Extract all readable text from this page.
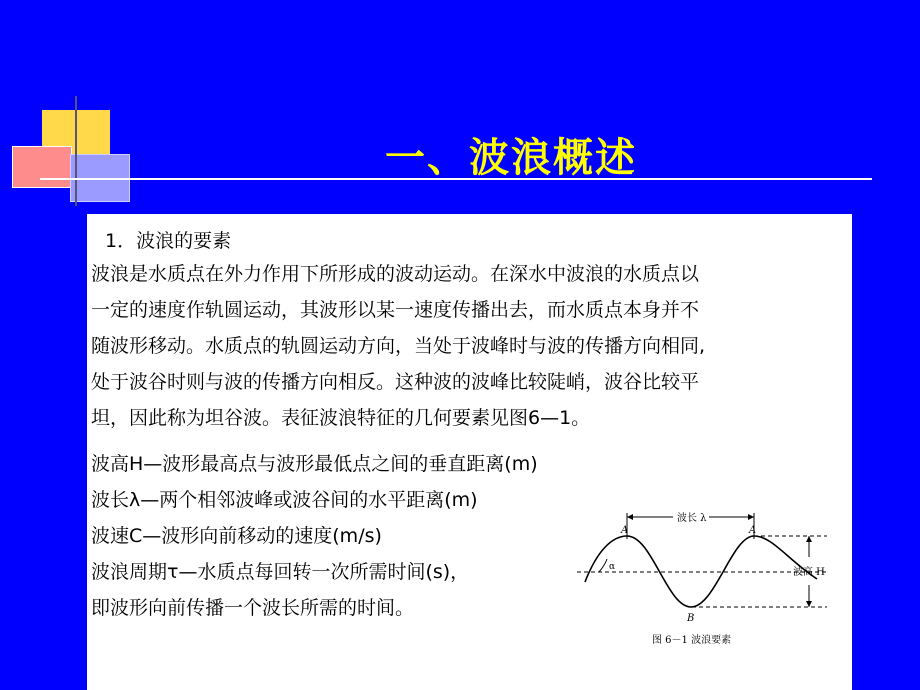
一、波浪概述
1．波浪的要素
波浪是水质点在外力作用下所形成的波动运动。在深水中波浪的水质点以
一定的速度作轨圆运动，其波形以某一速度传播出去，而水质点本身并不
随波形移动。水质点的轨圆运动方向，当处于波峰时与波的传播方向相同,
处于波谷时则与波的传播方向相反。这种波的波峰比较陡峭，波谷比较平
坦，因此称为坦谷波。表征波浪特征的几何要素见图6—1。
波高H—波形最高点与波形最低点之间的垂直距离(m)
波长λ—两个相邻波峰或波谷间的水平距离(m)
波速C—波形向前移动的速度(m/s)
波浪周期τ—水质点每回转一次所需时间(s)，
即波形向前传播一个波长所需的时间。
波长 λ
α
A	A
B
波高 H
图 6－1 波浪要素
